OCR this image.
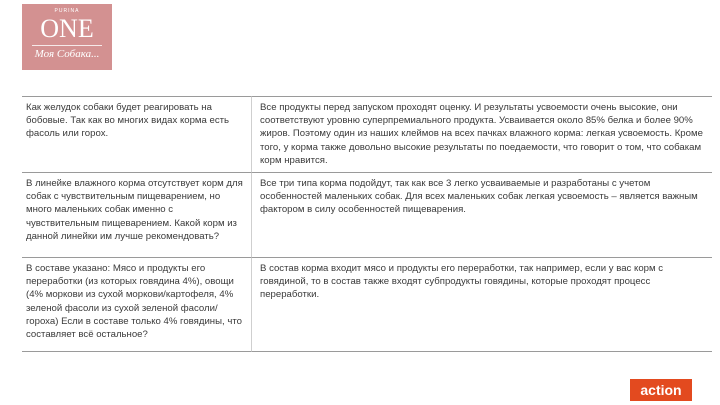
PURINA
ONE
Моя Собака...
Как желудок собаки будет реагировать на бобовые. Так как во многих видах корма есть фасоль или горох.
Все продукты перед запуском проходят оценку. И результаты усвоемости очень высокие, они соответствуют уровню суперпремиального продукта. Усваивается около 85% белка и более 90% жиров. Поэтому один из наших клеймов на всех пачках влажного корма: легкая усвоемость. Кроме того, у корма также довольно высокие результаты по поедаемости, что говорит о том, что собакам корм нравится.
В линейке влажного корма отсутствует корм для собак с чувствительным пищеварением, но много маленьких собак именно с чувствительным пищеварением. Какой корм из данной линейки им лучше рекомендовать?
Все три типа корма подойдут, так как все 3 легко усваиваемые и разработаны с учетом особенностей маленьких собак. Для всех маленьких собак легкая усвоемость – является важным фактором в силу особенностей пищеварения.
В составе указано: Мясо и продукты его переработки (из которых говядина 4%), овощи (4% моркови из сухой моркови/картофеля, 4% зеленой фасоли из сухой зеленой фасоли/гороха) Если в составе только 4% говядины, что составляет всё остальное?
В состав корма входит мясо и продукты его переработки, так например, если у вас корм с говядиной, то в состав также входят субпродукты говядины, которые проходят процесс переработки.
action
